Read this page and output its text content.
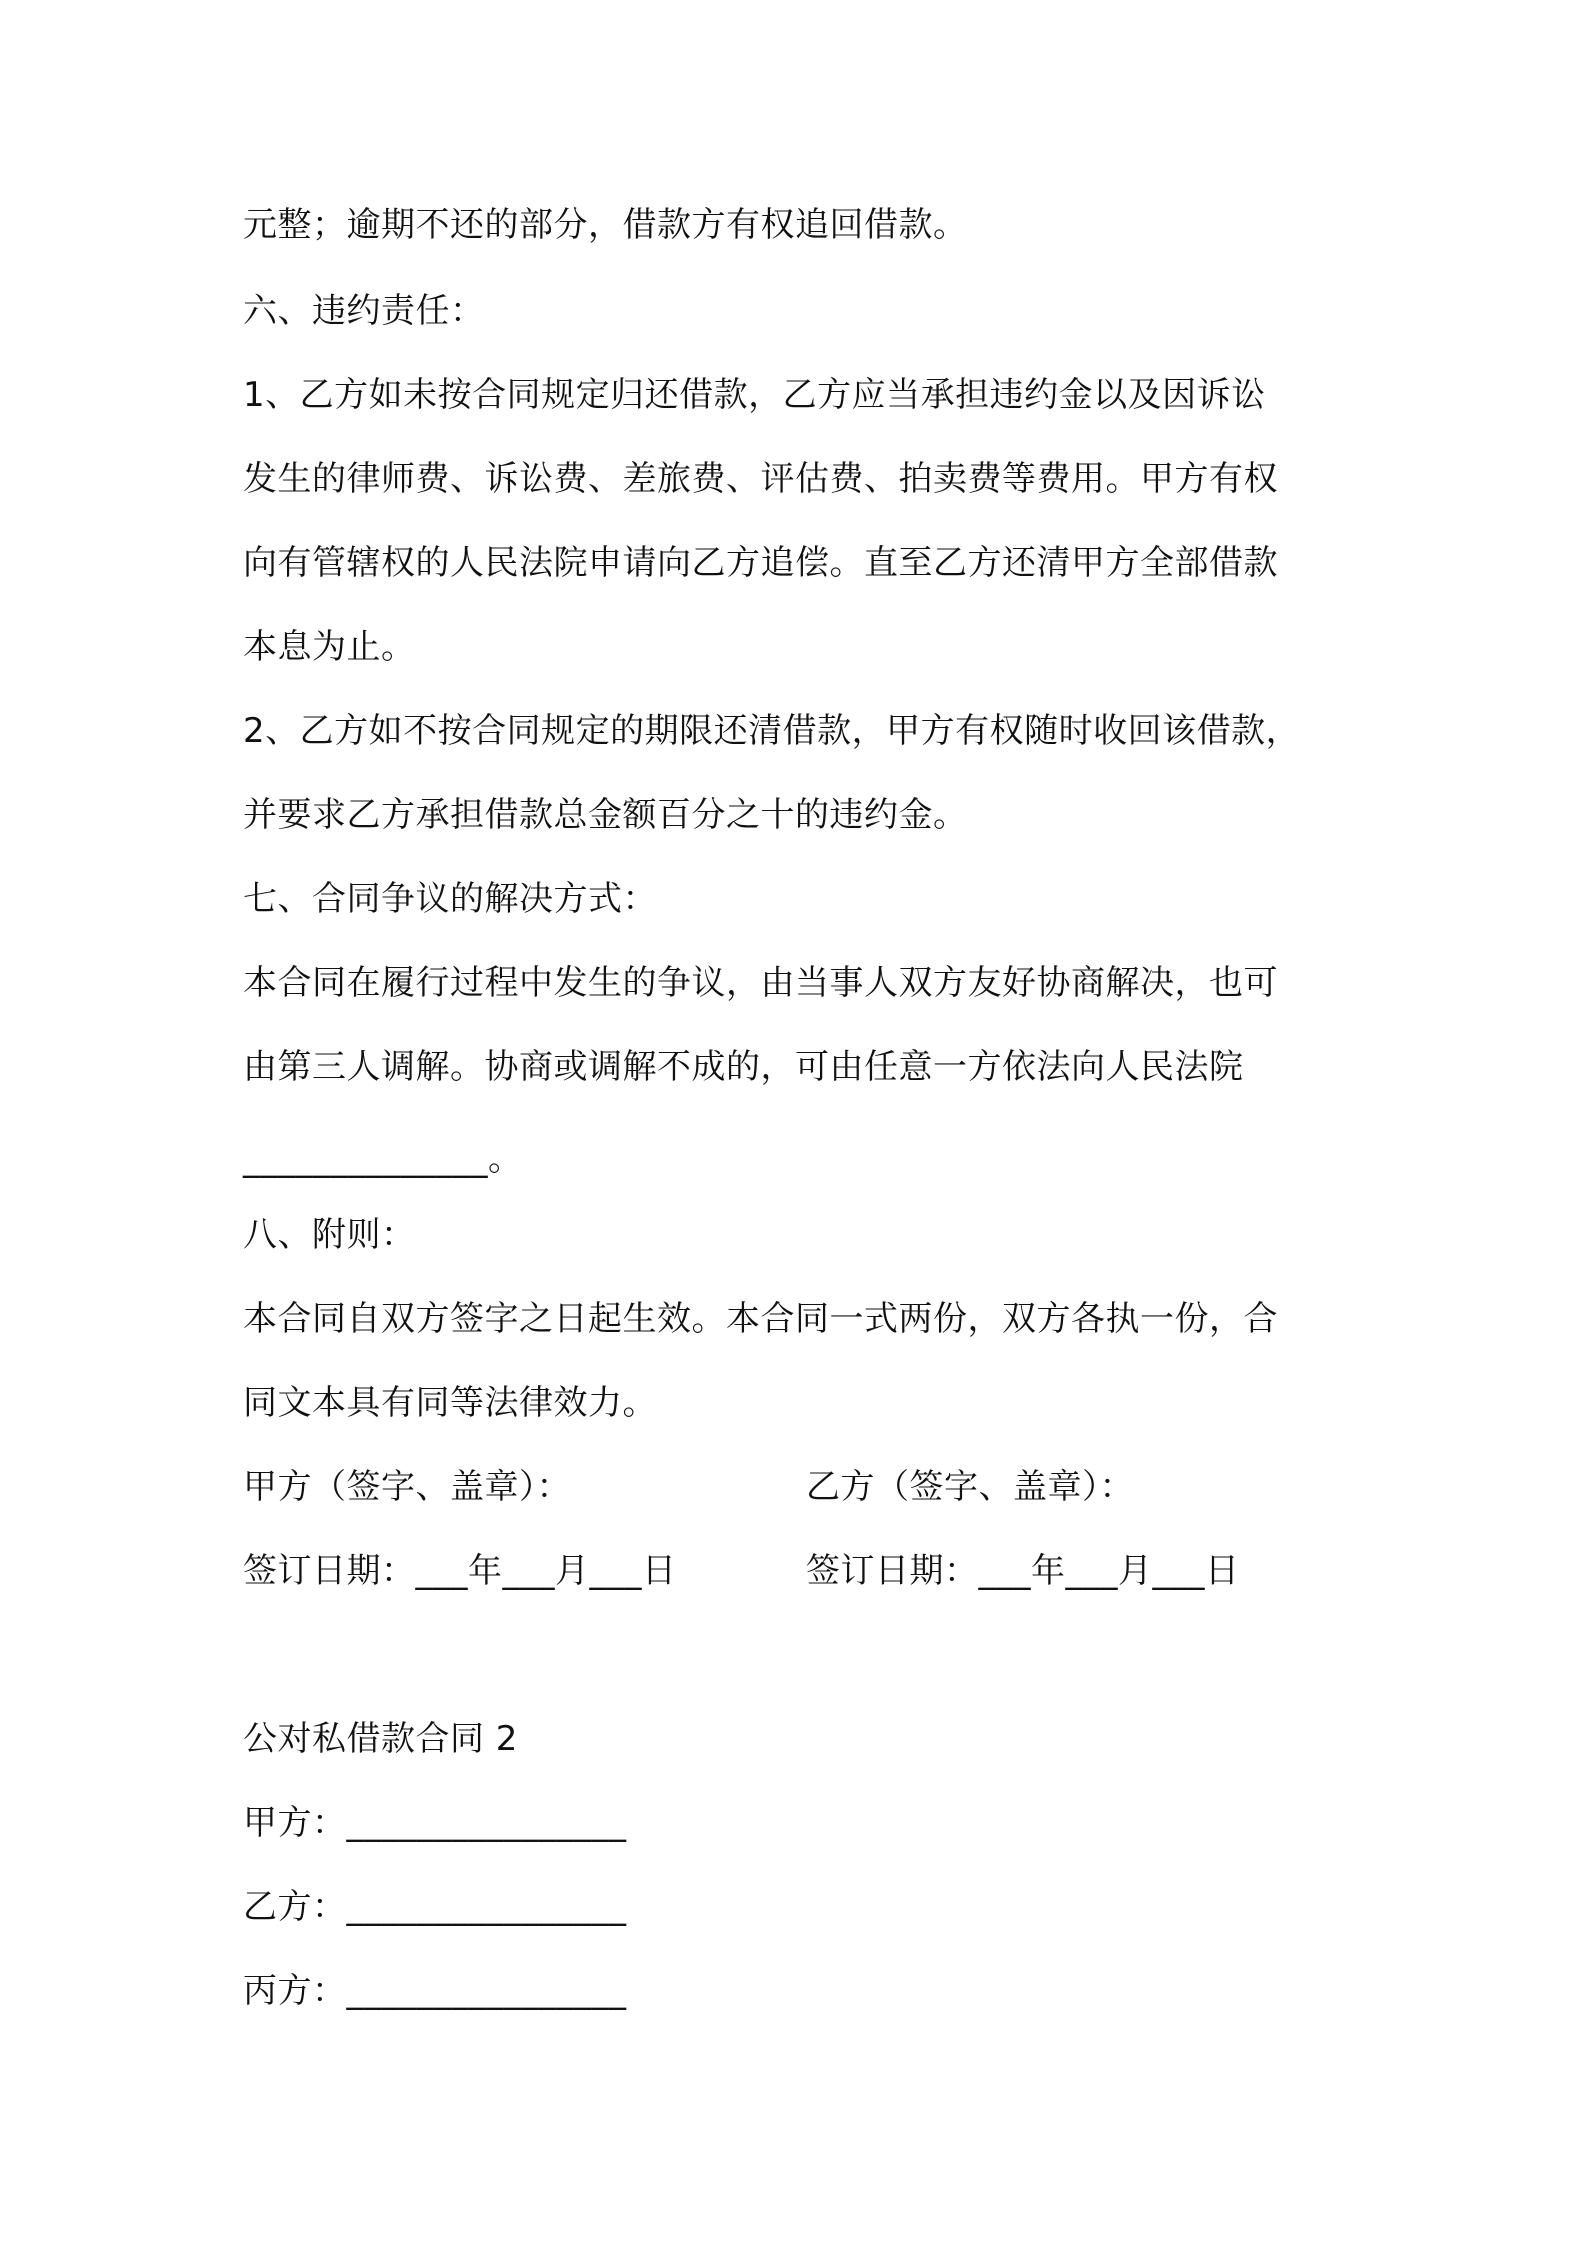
元整；逾期不还的部分，借款方有权追回借款。
六、违约责任：
1、乙方如未按合同规定归还借款，乙方应当承担违约金以及因诉讼
发生的律师费、诉讼费、差旅费、评估费、拍卖费等费用。甲方有权
向有管辖权的人民法院申请向乙方追偿。直至乙方还清甲方全部借款
本息为止。
2、乙方如不按合同规定的期限还清借款，甲方有权随时收回该借款，
并要求乙方承担借款总金额百分之十的违约金。
七、合同争议的解决方式：
本合同在履行过程中发生的争议，由当事人双方友好协商解决，也可
由第三人调解。协商或调解不成的，可由任意一方依法向人民法院
______________。
八、附则：
本合同自双方签字之日起生效。本合同一式两份，双方各执一份，合
同文本具有同等法律效力。
甲方（签字、盖章）：	乙方（签字、盖章）：
签订日期：___年___月___日	签订日期：___年___月___日
公对私借款合同 2
甲方：________________
乙方：________________
丙方：________________
